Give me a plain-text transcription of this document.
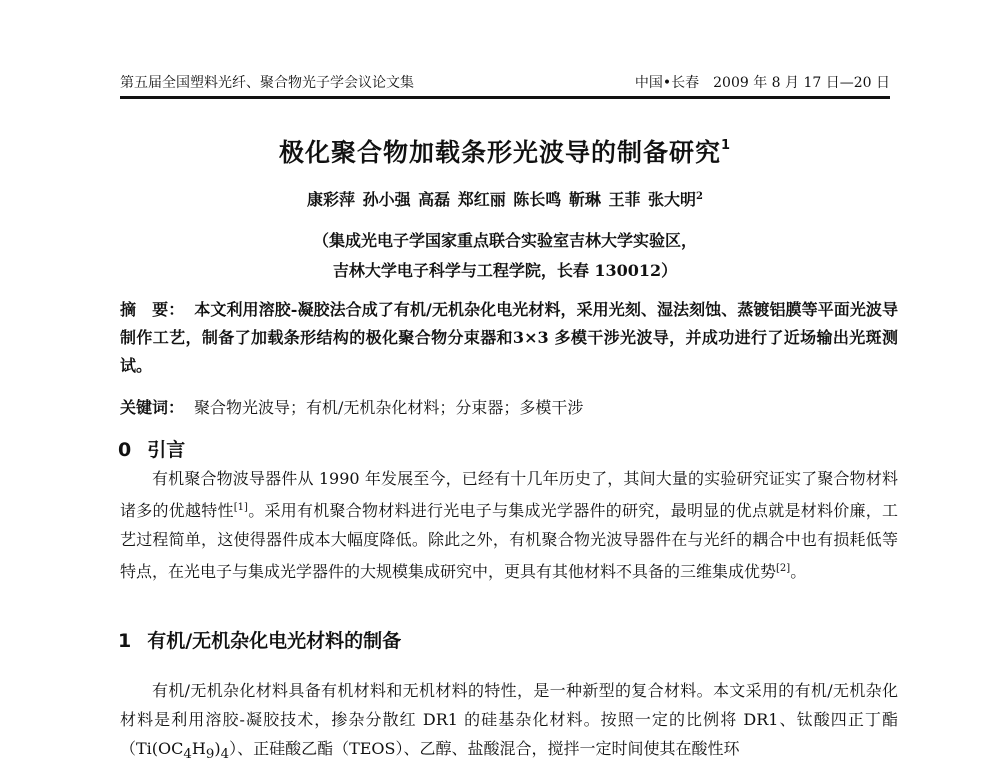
第五届全国塑料光纤、聚合物光子学会议论文集	中国•长春　2009 年 8 月 17 日—20 日
极化聚合物加载条形光波导的制备研究$^1$
康彩萍 孙小强 高磊 郑红丽 陈长鸣 靳琳 王菲 张大明$^2$
（集成光电子学国家重点联合实验室吉林大学实验区，
吉林大学电子科学与工程学院，长春 130012）
摘　要： 本文利用溶胶-凝胶法合成了有机/无机杂化电光材料，采用光刻、湿法刻蚀、蒸镀铝膜等平面光波导制作工艺，制备了加载条形结构的极化聚合物分束器和3×3 多模干涉光波导，并成功进行了近场输出光斑测试。
关键词： 聚合物光波导；有机/无机杂化材料；分束器；多模干涉
0 引言
有机聚合物波导器件从 1990 年发展至今，已经有十几年历史了，其间大量的实验研究证实了聚合物材料诸多的优越特性[1]。采用有机聚合物材料进行光电子与集成光学器件的研究，最明显的优点就是材料价廉，工艺过程简单，这使得器件成本大幅度降低。除此之外，有机聚合物光波导器件在与光纤的耦合中也有损耗低等特点，在光电子与集成光学器件的大规模集成研究中，更具有其他材料不具备的三维集成优势[2]。
1 有机/无机杂化电光材料的制备
有机/无机杂化材料具备有机材料和无机材料的特性，是一种新型的复合材料。本文采用的有机/无机杂化材料是利用溶胶-凝胶技术，掺杂分散红 DR1 的硅基杂化材料。按照一定的比例将 DR1、钛酸四正丁酯$(Ti(OC_4H_9)_4)$、正硅酸乙酯（TEOS）、乙醇、盐酸混合，搅拌一定时间使其在酸性环
